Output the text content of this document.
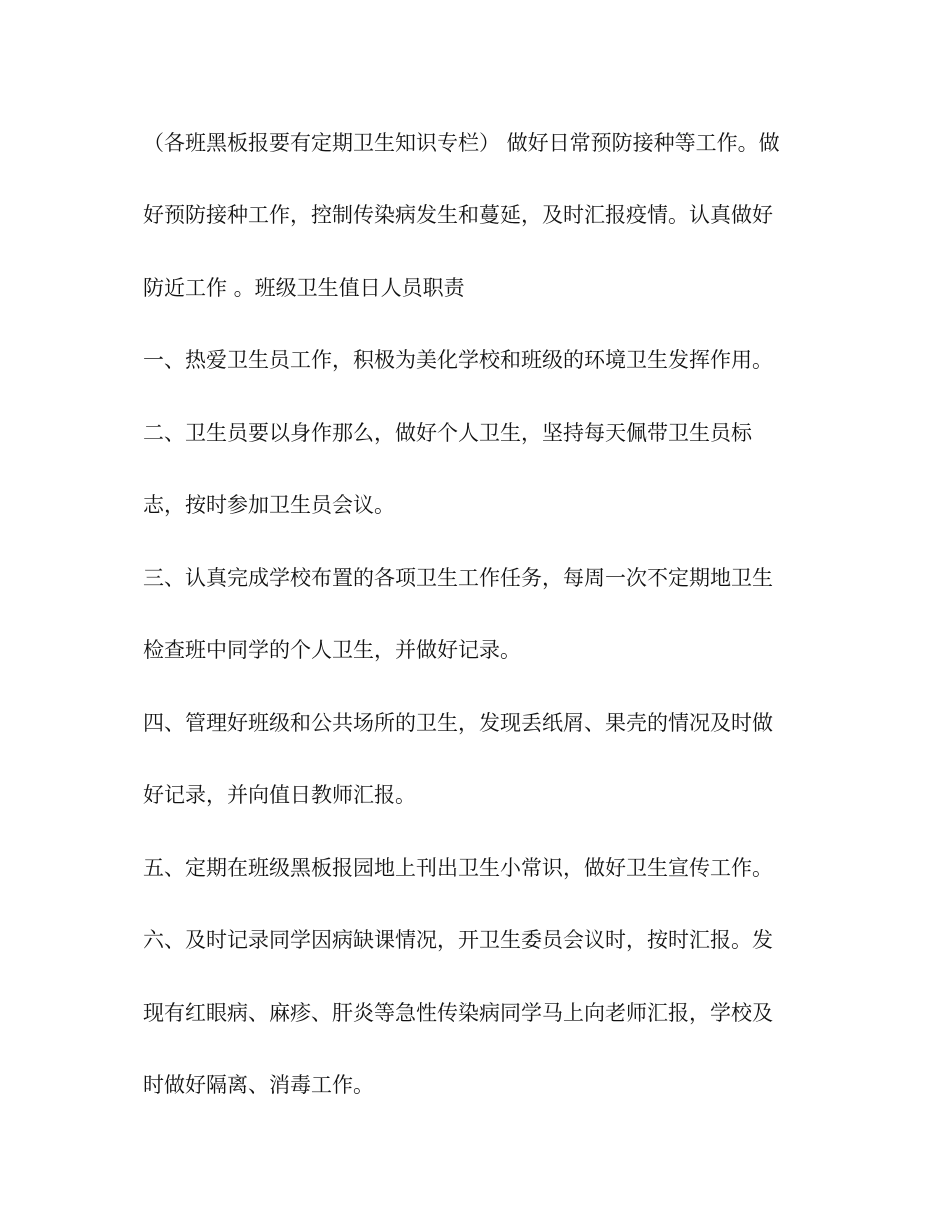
（各班黑板报要有定期卫生知识专栏） 做好日常预防接种等工作。做
好预防接种工作，控制传染病发生和蔓延，及时汇报疫情。认真做好
防近工作 。班级卫生值日人员职责
一、热爱卫生员工作，积极为美化学校和班级的环境卫生发挥作用。
二、卫生员要以身作那么，做好个人卫生，坚持每天佩带卫生员标
志，按时参加卫生员会议。
三、认真完成学校布置的各项卫生工作任务，每周一次不定期地卫生
检查班中同学的个人卫生，并做好记录。
四、管理好班级和公共场所的卫生，发现丢纸屑、果壳的情况及时做
好记录，并向值日教师汇报。
五、定期在班级黑板报园地上刊出卫生小常识，做好卫生宣传工作。
六、及时记录同学因病缺课情况，开卫生委员会议时，按时汇报。发
现有红眼病、麻疹、肝炎等急性传染病同学马上向老师汇报，学校及
时做好隔离、消毒工作。
